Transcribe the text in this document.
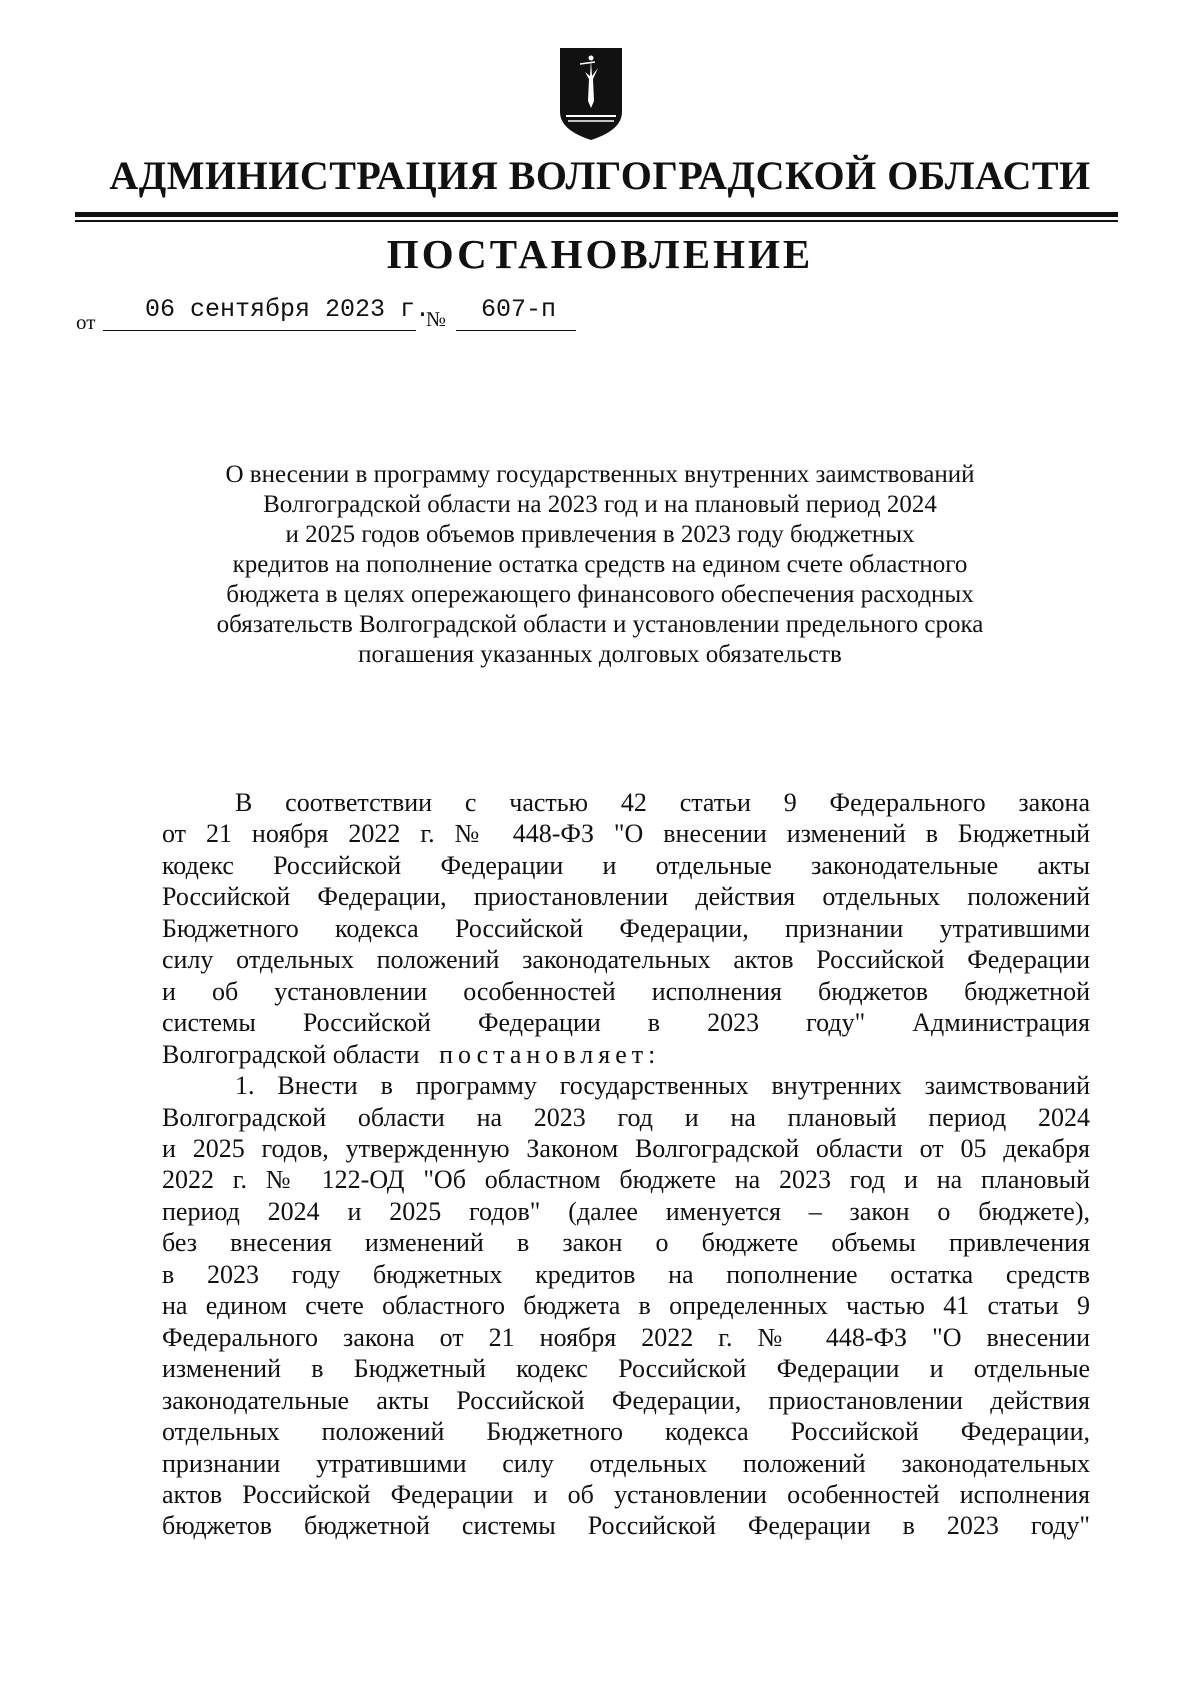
АДМИНИСТРАЦИЯ ВОЛГОГРАДСКОЙ ОБЛАСТИ
ПОСТАНОВЛЕНИЕ
от 06 сентября 2023 г.
№ 607-п
О внесении в программу государственных внутренних заимствований
Волгоградской области на 2023 год и на плановый период 2024
и 2025 годов объемов привлечения в 2023 году бюджетных
кредитов на пополнение остатка средств на едином счете областного
бюджета в целях опережающего финансового обеспечения расходных
обязательств Волгоградской области и установлении предельного срока
погашения указанных долговых обязательств
В соответствии с частью 42 статьи 9 Федерального закона
от 21 ноября 2022 г. № 448-ФЗ "О внесении изменений в Бюджетный
кодекс Российской Федерации и отдельные законодательные акты
Российской Федерации, приостановлении действия отдельных положений
Бюджетного кодекса Российской Федерации, признании утратившими
силу отдельных положений законодательных актов Российской Федерации
и об установлении особенностей исполнения бюджетов бюджетной
системы Российской Федерации в 2023 году" Администрация
Волгоградской области постановляет:
1. Внести в программу государственных внутренних заимствований
Волгоградской области на 2023 год и на плановый период 2024
и 2025 годов, утвержденную Законом Волгоградской области от 05 декабря
2022 г. № 122-ОД "Об областном бюджете на 2023 год и на плановый
период 2024 и 2025 годов" (далее именуется – закон о бюджете),
без внесения изменений в закон о бюджете объемы привлечения
в 2023 году бюджетных кредитов на пополнение остатка средств
на едином счете областного бюджета в определенных частью 41 статьи 9
Федерального закона от 21 ноября 2022 г. № 448-ФЗ "О внесении
изменений в Бюджетный кодекс Российской Федерации и отдельные
законодательные акты Российской Федерации, приостановлении действия
отдельных положений Бюджетного кодекса Российской Федерации,
признании утратившими силу отдельных положений законодательных
актов Российской Федерации и об установлении особенностей исполнения
бюджетов бюджетной системы Российской Федерации в 2023 году"
